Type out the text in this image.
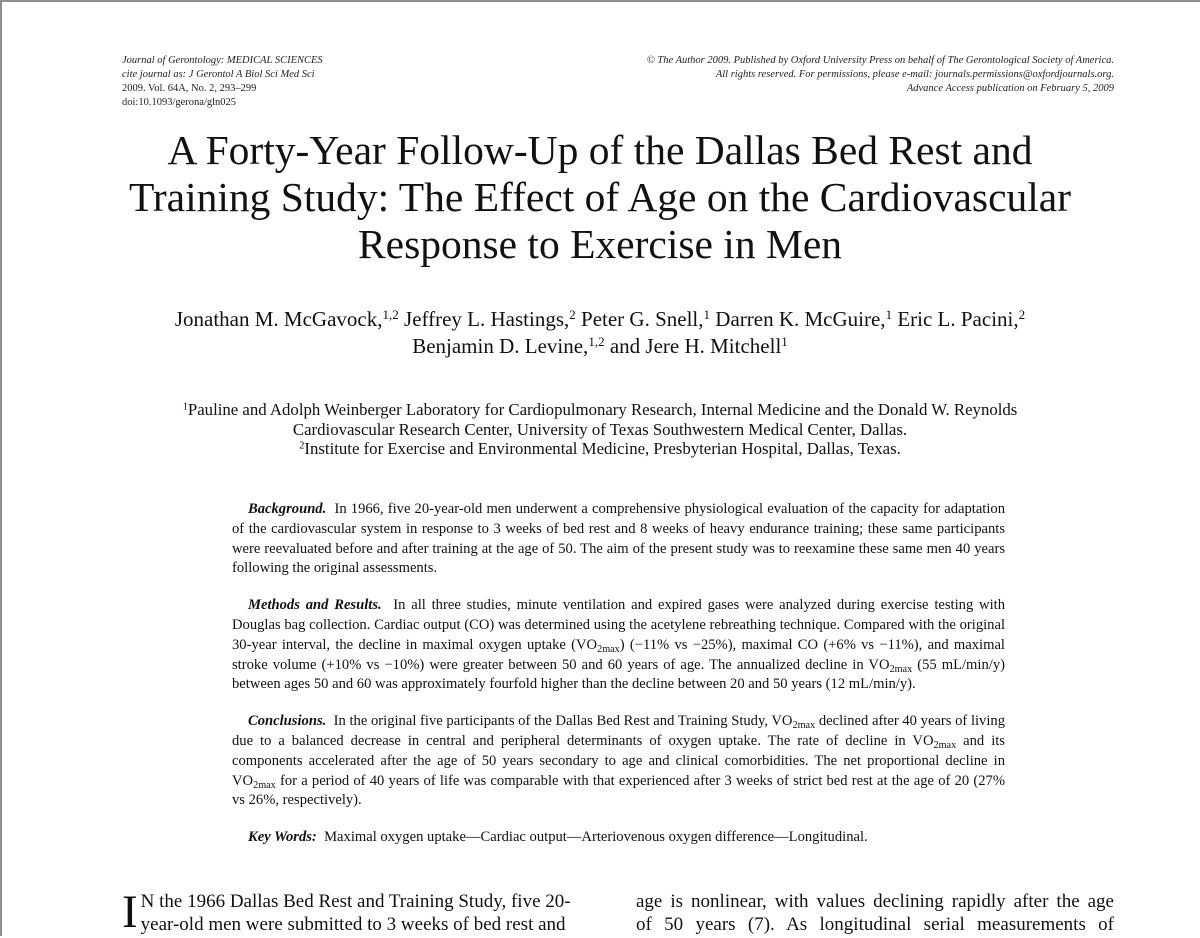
Journal of Gerontology: MEDICAL SCIENCES
cite journal as: J Gerontol A Biol Sci Med Sci
2009. Vol. 64A, No. 2, 293–299
doi:10.1093/gerona/gln025
© The Author 2009. Published by Oxford University Press on behalf of The Gerontological Society of America.
All rights reserved. For permissions, please e-mail: journals.permissions@oxfordjournals.org.
Advance Access publication on February 5, 2009
A Forty-Year Follow-Up of the Dallas Bed Rest and
Training Study: The Effect of Age on the Cardiovascular
Response to Exercise in Men
Jonathan M. McGavock,$^{1,2}$ Jeffrey L. Hastings,$^2$ Peter G. Snell,$^1$ Darren K. McGuire,$^1$ Eric L. Pacini,$^2$
Benjamin D. Levine,$^{1,2}$ and Jere H. Mitchell$^1$
$^1$Pauline and Adolph Weinberger Laboratory for Cardiopulmonary Research, Internal Medicine and the Donald W. Reynolds
Cardiovascular Research Center, University of Texas Southwestern Medical Center, Dallas.
$^2$Institute for Exercise and Environmental Medicine, Presbyterian Hospital, Dallas, Texas.

Background. In 1966, five 20-year-old men underwent a comprehensive physiological evaluation of the capacity for adaptation of the cardiovascular system in response to 3 weeks of bed rest and 8 weeks of heavy endurance training; these same participants were reevaluated before and after training at the age of 50. The aim of the present study was to reexamine these same men 40 years following the original assessments.

Methods and Results. In all three studies, minute ventilation and expired gases were analyzed during exercise testing with Douglas bag collection. Cardiac output (CO) was determined using the acetylene rebreathing technique. Compared with the original 30-year interval, the decline in maximal oxygen uptake $(VO_{2max})$ (−11% vs −25%), maximal CO (+6% vs −11%), and maximal stroke volume (+10% vs −10%) were greater between 50 and 60 years of age. The annualized decline in $VO_{2max}$ (55 mL/min/y) between ages 50 and 60 was approximately fourfold higher than the decline between 20 and 50 years (12 mL/min/y).

Conclusions. In the original five participants of the Dallas Bed Rest and Training Study, $VO_{2max}$ declined after 40 years of living due to a balanced decrease in central and peripheral determinants of oxygen uptake. The rate of decline in $VO_{2max}$ and its components accelerated after the age of 50 years secondary to age and clinical comorbidities. The net proportional decline in $VO_{2max}$ for a period of 40 years of life was comparable with that experienced after 3 weeks of strict bed rest at the age of 20 (27% vs 26%, respectively).

Key Words: Maximal oxygen uptake—Cardiac output—Arteriovenous oxygen difference—Longitudinal.

I N the 1966 Dallas Bed Rest and Training Study, five 20-
year-old men were submitted to 3 weeks of bed rest and
age is nonlinear, with values declining rapidly after the age
of 50 years (7). As longitudinal serial measurements of
